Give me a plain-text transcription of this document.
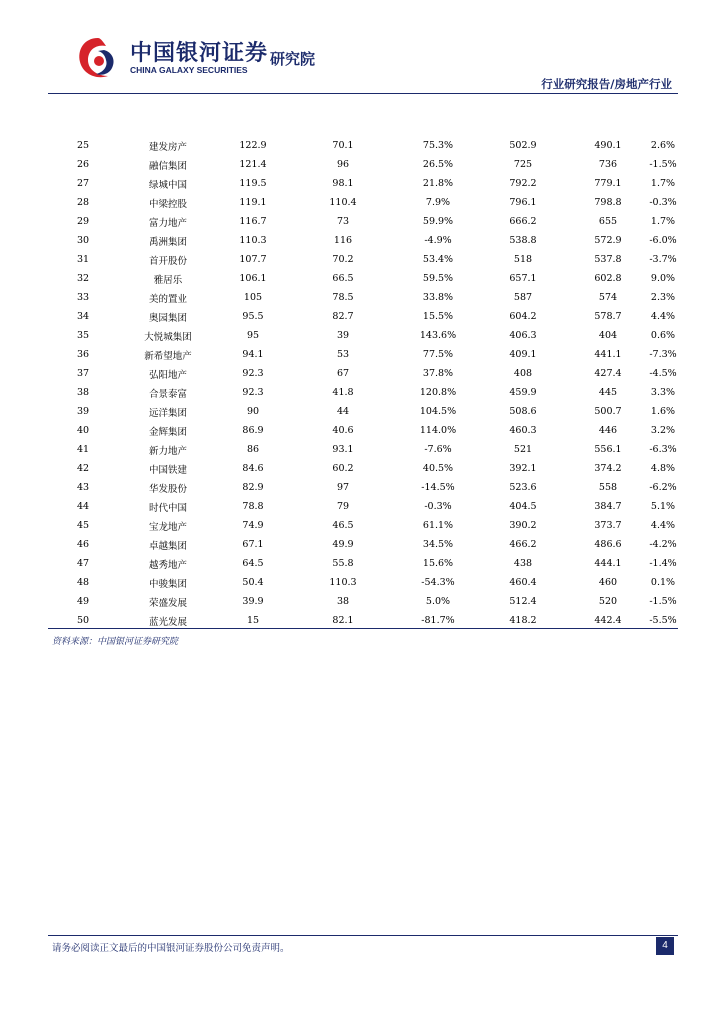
中国银河证券
CHINA GALAXY SECURITIES
研究院
行业研究报告/房地产行业
25	建发房产	122.9	70.1	75.3%	502.9	490.1	2.6%
26	融信集团	121.4	96	26.5%	725	736	-1.5%
27	绿城中国	119.5	98.1	21.8%	792.2	779.1	1.7%
28	中梁控股	119.1	110.4	7.9%	796.1	798.8	-0.3%
29	富力地产	116.7	73	59.9%	666.2	655	1.7%
30	禹洲集团	110.3	116	-4.9%	538.8	572.9	-6.0%
31	首开股份	107.7	70.2	53.4%	518	537.8	-3.7%
32	雅居乐	106.1	66.5	59.5%	657.1	602.8	9.0%
33	美的置业	105	78.5	33.8%	587	574	2.3%
34	奥园集团	95.5	82.7	15.5%	604.2	578.7	4.4%
35	大悦城集团	95	39	143.6%	406.3	404	0.6%
36	新希望地产	94.1	53	77.5%	409.1	441.1	-7.3%
37	弘阳地产	92.3	67	37.8%	408	427.4	-4.5%
38	合景泰富	92.3	41.8	120.8%	459.9	445	3.3%
39	远洋集团	90	44	104.5%	508.6	500.7	1.6%
40	金辉集团	86.9	40.6	114.0%	460.3	446	3.2%
41	新力地产	86	93.1	-7.6%	521	556.1	-6.3%
42	中国铁建	84.6	60.2	40.5%	392.1	374.2	4.8%
43	华发股份	82.9	97	-14.5%	523.6	558	-6.2%
44	时代中国	78.8	79	-0.3%	404.5	384.7	5.1%
45	宝龙地产	74.9	46.5	61.1%	390.2	373.7	4.4%
46	卓越集团	67.1	49.9	34.5%	466.2	486.6	-4.2%
47	越秀地产	64.5	55.8	15.6%	438	444.1	-1.4%
48	中骏集团	50.4	110.3	-54.3%	460.4	460	0.1%
49	荣盛发展	39.9	38	5.0%	512.4	520	-1.5%
50	蓝光发展	15	82.1	-81.7%	418.2	442.4	-5.5%
资料来源：中国银河证券研究院
请务必阅读正文最后的中国银河证券股份公司免责声明。	4
